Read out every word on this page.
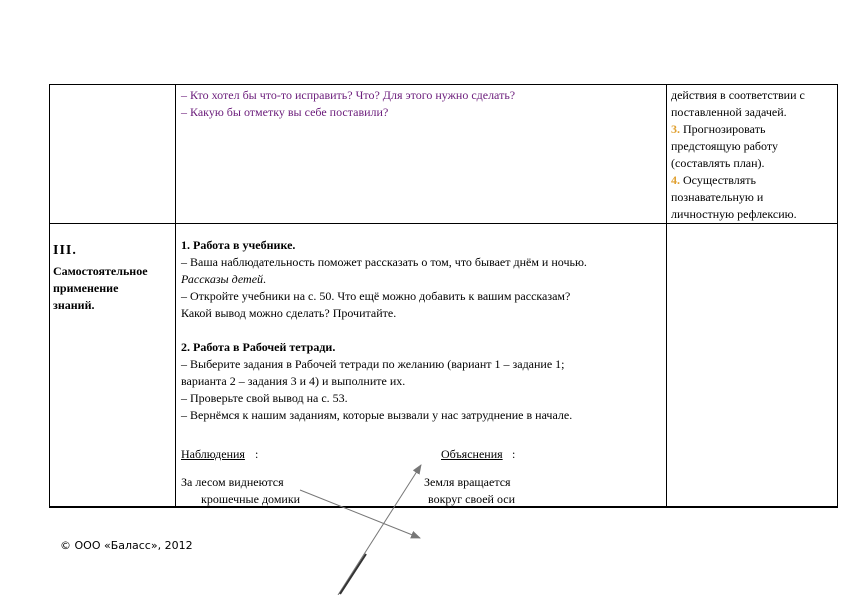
– Кто хотел бы что-то исправить? Что? Для этого нужно сделать?
– Какую бы отметку вы себе поставили?
действия в соответствии с
поставленной задачей.
3. Прогнозировать
предстоящую работу
(составлять план).
4. Осуществлять
познавательную и
личностную рефлексию.
III.
Самостоятельное
применение
знаний.
1. Работа в учебнике.
– Ваша наблюдательность поможет рассказать о том, что бывает днём и ночью.
Рассказы детей.
– Откройте учебники на с. 50. Что ещё можно добавить к вашим рассказам?
Какой вывод можно сделать? Прочитайте.
2. Работа в Рабочей тетради.
– Выберите задания в Рабочей тетради по желанию (вариант 1 – задание 1;
варианта 2 – задания 3 и 4) и выполните их.
– Проверьте свой вывод на с. 53.
– Вернёмся к нашим заданиям, которые вызвали у нас затруднение в начале.
Наблюдения :	Объяснения :
За лесом виднеются
крошечные домики
Земля вращается
вокруг своей оси
© ООО «Баласс», 2012
